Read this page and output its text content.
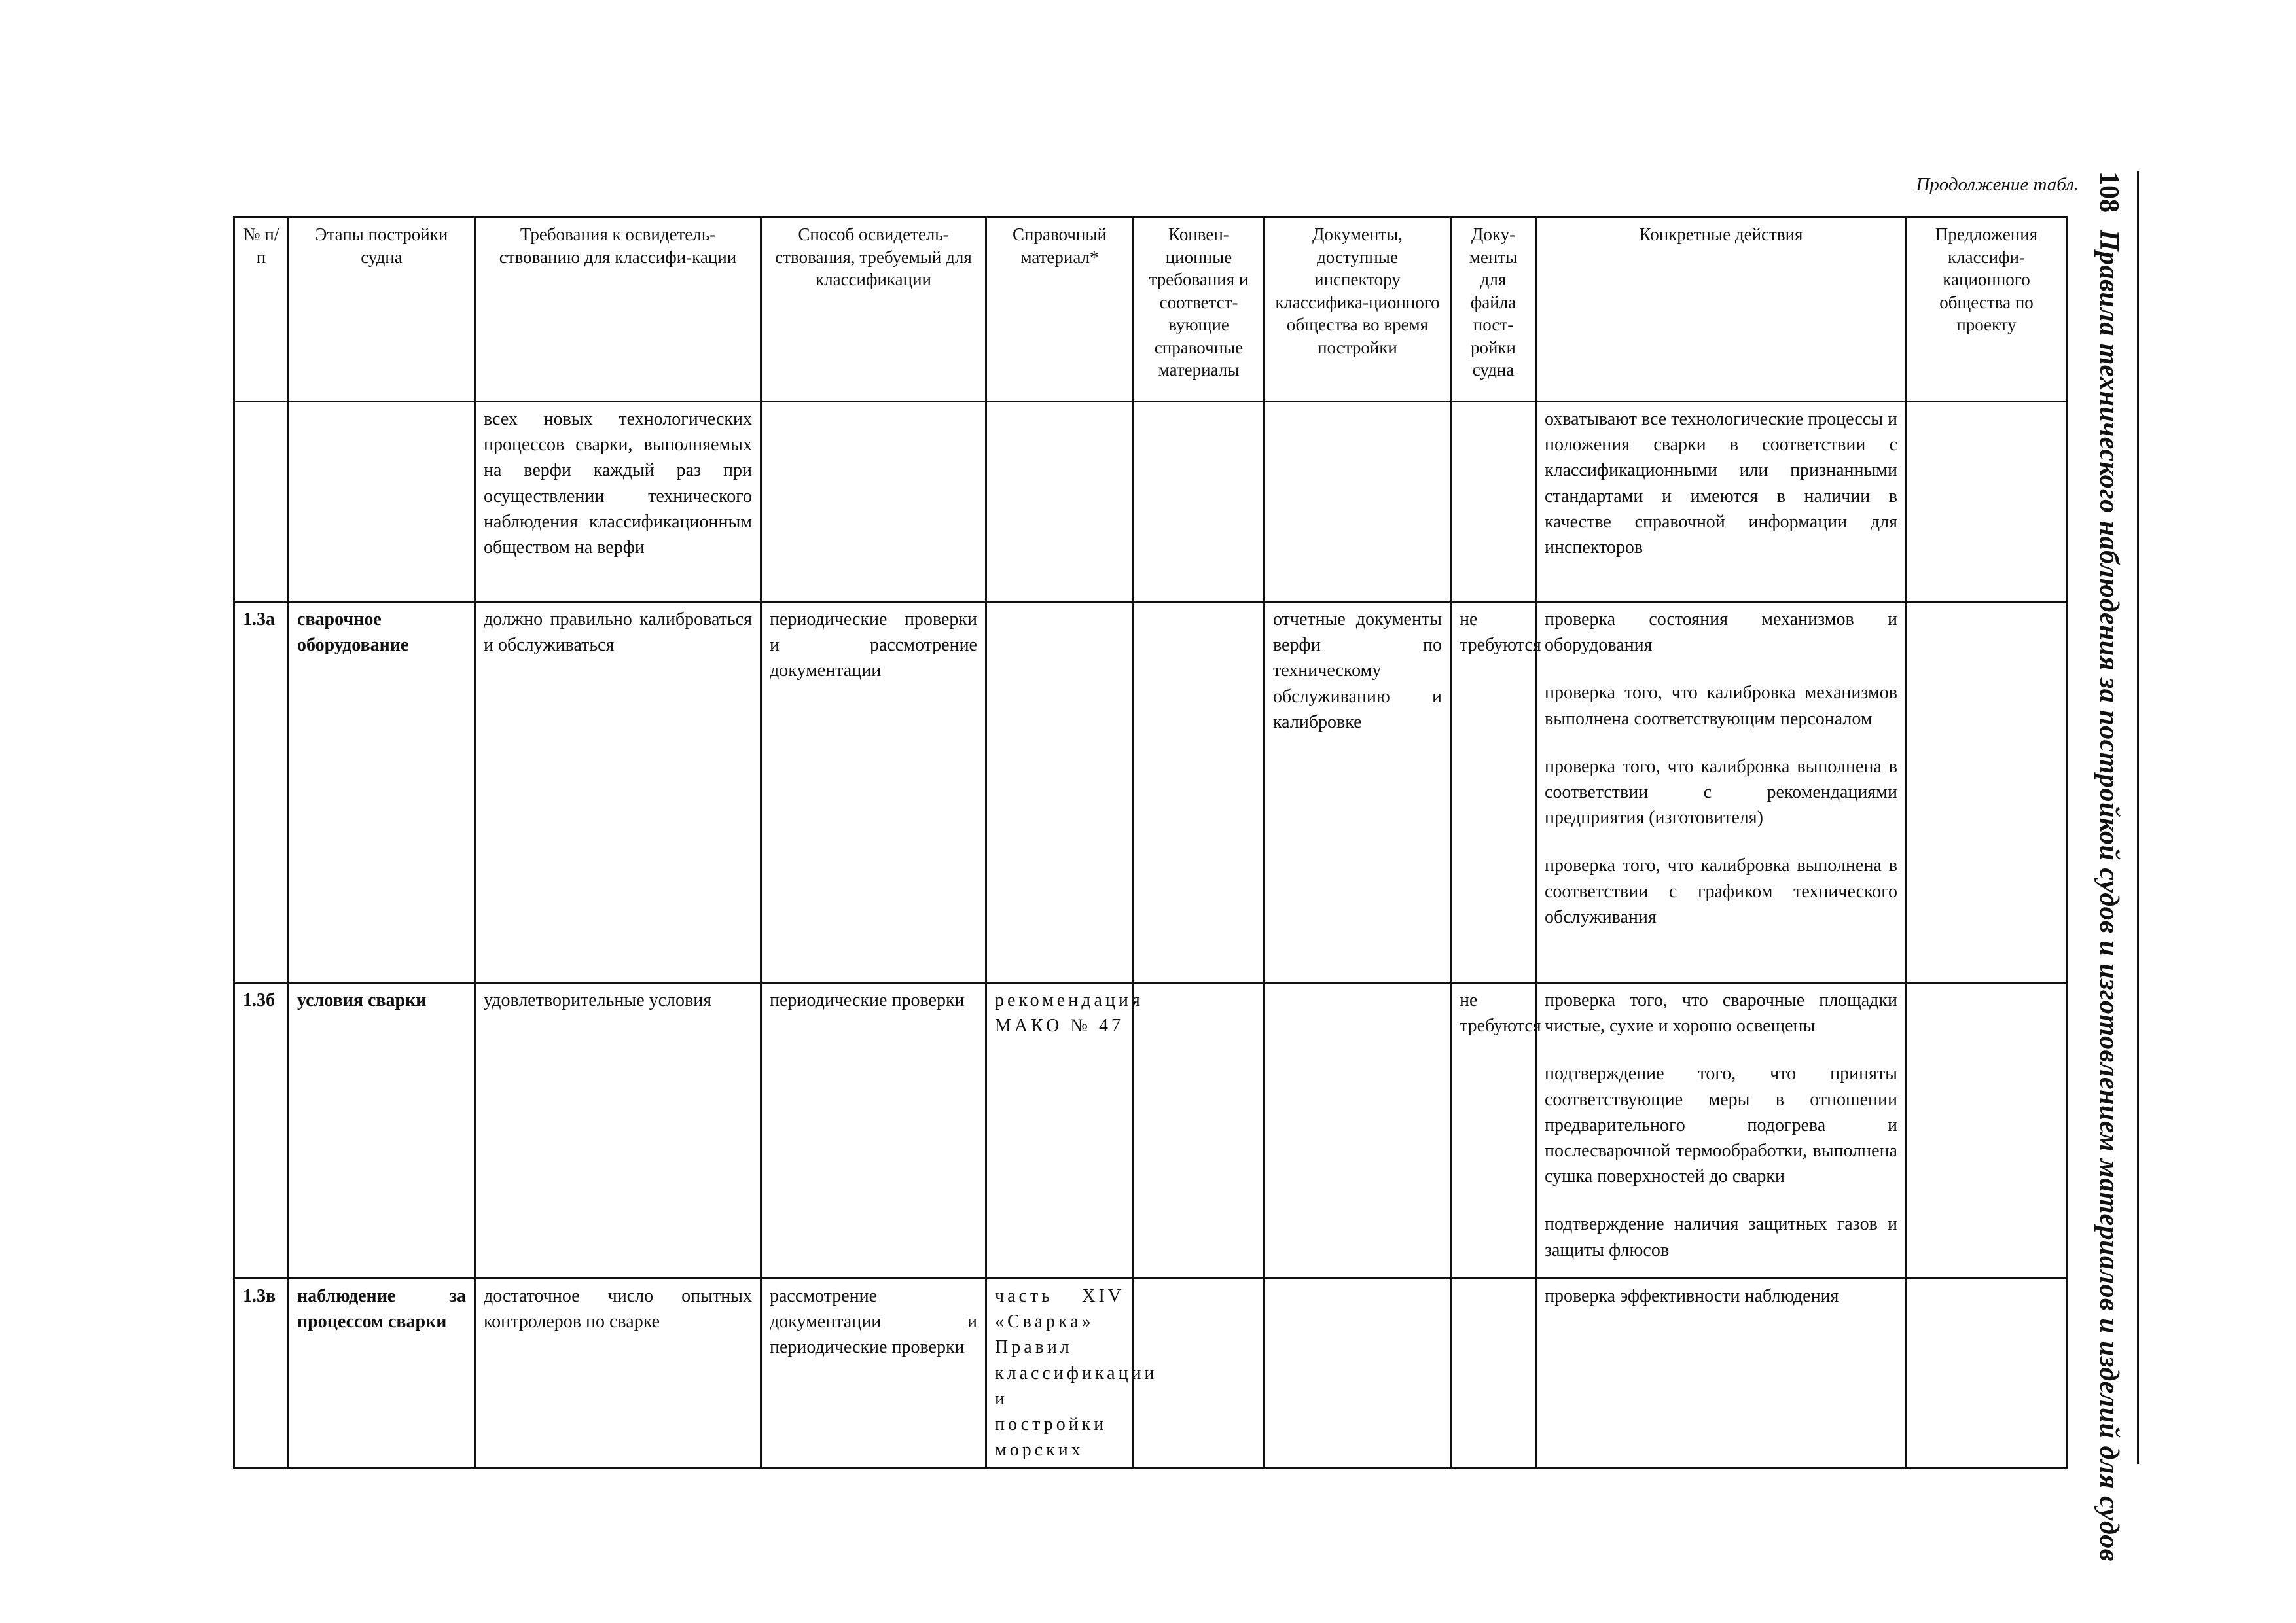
Продолжение табл. 108
Правила технического наблюдения за постройкой судов и изготовлением материалов и изделий для судов
№ п/п	Этапы постройки судна	Требования к освидетель-ствованию для классифи-кации	Способ освидетель-ствования, требуемый для классификации	Справочный материал*	Конвен-ционные требования и соответст-вующие справочные материалы	Документы, доступные инспектору классифика-ционного общества во время постройки	Доку-менты для файла пост-ройки судна	Конкретные действия	Предложения классифи-кационного общества по проекту
		всех новых технологических процессов сварки, выполняемых на верфи каждый раз при осуществлении технического наблюдения классификационным обществом на верфи						охватывают все технологические процессы и положения сварки в соответствии с классификационными или признанными стандартами и имеются в наличии в качестве справочной информации для инспекторов	

1.3а	сварочное оборудование	должно правильно калиброваться и обслуживаться	периодические проверки и рассмотрение документации			отчетные документы верфи по техническому обслуживанию и калибровке	не требуются	проверка состояния механизмов и оборудования
проверка того, что калибровка механизмов выполнена соответствующим персоналом
проверка того, что калибровка выполнена в соответствии с рекомендациями предприятия (изготовителя)
проверка того, что калибровка выполнена в соответствии с графиком технического обслуживания	

1.3б	условия сварки	удовлетворительные условия	периодические проверки	рекомендация МАКО № 47			не требуются	проверка того, что сварочные площадки чистые, сухие и хорошо освещены
подтверждение того, что приняты соответствующие меры в отношении предварительного подогрева и послесварочной термообработки, выполнена сушка поверхностей до сварки
подтверждение наличия защитных газов и защиты флюсов	

1.3в	наблюдение за процессом сварки	достаточное число опытных контролеров по сварке	рассмотрение документации и периодические проверки	часть XIV «Сварка» Правил классификации и постройки морских				проверка эффективности наблюдения	
